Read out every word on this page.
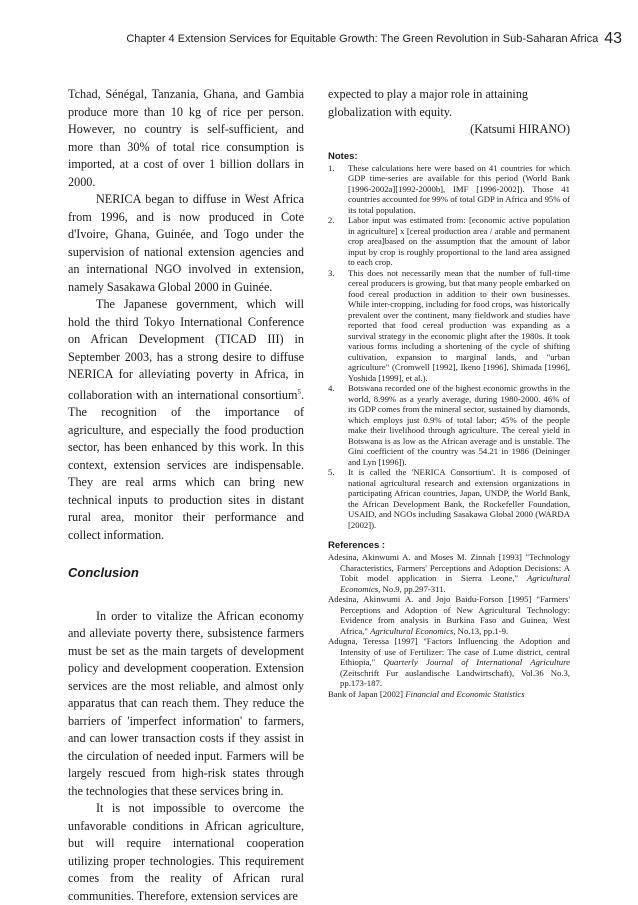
Chapter 4 Extension Services for Equitable Growth: The Green Revolution in Sub-Saharan Africa 43

Tchad, Sénégal, Tanzania, Ghana, and Gambia produce more than 10 kg of rice per person. However, no country is self-sufficient, and more than 30% of total rice consumption is imported, at a cost of over 1 billion dollars in 2000.

NERICA began to diffuse in West Africa from 1996, and is now produced in Cote d'Ivoire, Ghana, Guinée, and Togo under the supervision of national extension agencies and an international NGO involved in extension, namely Sasakawa Global 2000 in Guinée.

The Japanese government, which will hold the third Tokyo International Conference on African Development (TICAD III) in September 2003, has a strong desire to diffuse NERICA for alleviating poverty in Africa, in collaboration with an international consortium$^5$. The recognition of the importance of agriculture, and especially the food production sector, has been enhanced by this work. In this context, extension services are indispensable. They are real arms which can bring new technical inputs to production sites in distant rural area, monitor their performance and collect information.

Conclusion

In order to vitalize the African economy and alleviate poverty there, subsistence farmers must be set as the main targets of development policy and development cooperation. Extension services are the most reliable, and almost only apparatus that can reach them. They reduce the barriers of 'imperfect information' to farmers, and can lower transaction costs if they assist in the circulation of needed input. Farmers will be largely rescued from high-risk states through the technologies that these services bring in.

It is not impossible to overcome the unfavorable conditions in African agriculture, but will require international cooperation utilizing proper technologies. This requirement comes from the reality of African rural communities. Therefore, extension services are

expected to play a major role in attaining globalization with equity.

(Katsumi HIRANO)

Notes:

1. These calculations here were based on 41 countries for which GDP time-series are available for this period (World Bank [1996-2002a][1992-2000b], IMF [1996-2002]). Those 41 countries accounted for 99% of total GDP in Africa and 95% of its total population.
2. Labor input was estimated from: [economic active population in agriculture] x [cereal production area / arable and permanent crop area]based on the assumption that the amount of labor input by crop is roughly proportional to the land area assigned to each crop.
3. This does not necessarily mean that the number of full-time cereal producers is growing, but that many people embarked on food cereal production in addition to their own businesses. While inter-cropping, including for food crops, was historically prevalent over the continent, many fieldwork and studies have reported that food cereal production was expanding as a survival strategy in the economic plight after the 1980s. It took various forms including a shortening of the cycle of shifting cultivation, expansion to marginal lands, and "urban agriculture" (Cromwell [1992], Ikeno [1996], Shimada [1996], Yoshida [1999], et al.).
4. Botswana recorded one of the highest economic growths in the world, 8.99% as a yearly average, during 1980-2000. 46% of its GDP comes from the mineral sector, sustained by diamonds, which employs just 0.9% of total labor; 45% of the people make their livelihood through agriculture. The cereal yield in Botswana is as low as the African average and is unstable. The Gini coefficient of the country was 54.21 in 1986 (Deininger and Lyn [1996]).
5. It is called the 'NERICA Consortium'. It is composed of national agricultural research and extension organizations in participating African countries, Japan, UNDP, the World Bank, the African Development Bank, the Rockefeller Foundation, USAID, and NGOs including Sasakawa Global 2000 (WARDA [2002]).

References :

Adesina, Akinwumi A. and Moses M. Zinnah [1993] "Technology Characteristics, Farmers' Perceptions and Adoption Decisions: A Tobit model application in Sierra Leone," Agricultural Economics, No.9, pp.297-311.

Adesina, Akinwumi A. and Jojo Baidu-Forson [1995] "Farmers' Perceptions and Adoption of New Agricultural Technology: Evidence from analysis in Burkina Faso and Guinea, West Africa," Agricultural Economics, No.13, pp.1-9.

Adugna, Teressa [1997] "Factors Influencing the Adoption and Intensity of use of Fertilizer: The case of Lume district, central Ethiopia," Quarterly Journal of International Agriculture (Zeitschrift Fur auslandische Landwirtschaft), Vol.36 No.3, pp.173-187.

Bank of Japan [2002] Financial and Economic Statistics
